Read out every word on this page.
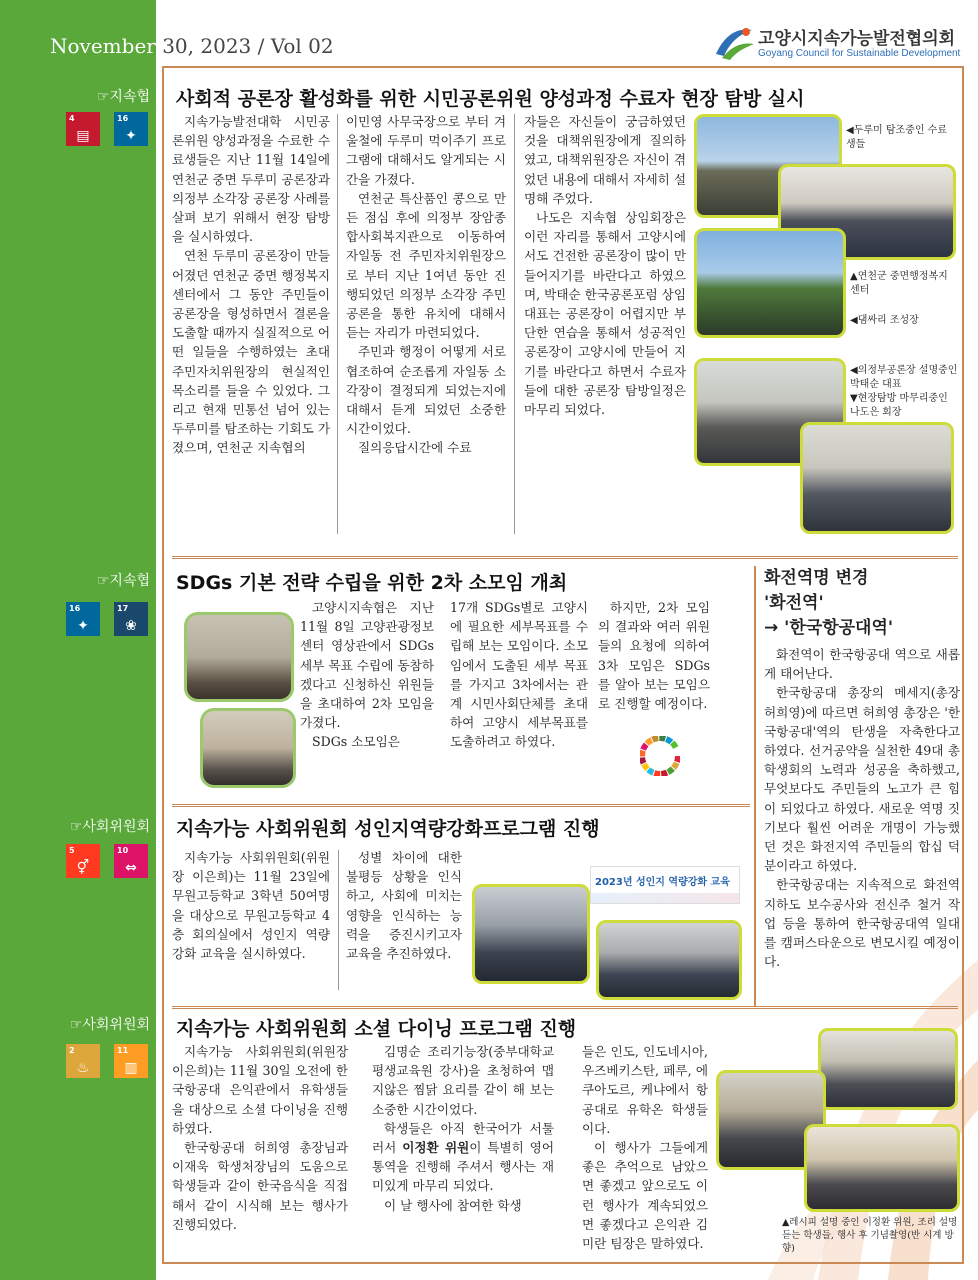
November 30, 2023 / Vol 02	고양시지속가능발전협의회
Goyang Council for Sustainable Development
☞지속협
☞지속협
☞사회위원회
☞사회위원회
4
▤
16
✦
16
✦
17
❀
5
⚥
10
⇔
2
♨
11
▥
사회적 공론장 활성화를 위한 시민공론위원 양성과정 수료자 현장 탐방 실시

지속가능발전대학 시민공론위원 양성과정을 수료한 수료생들은 지난 11월 14일에 연천군 중면 두루미 공론장과 의정부 소각장 공론장 사례를 살펴 보기 위해서 현장 탐방을 실시하였다.

연천 두루미 공론장이 만들어졌던 연천군 중면 행정복지센터에서 그 동안 주민들이 공론장을 형성하면서 결론을 도출할 때까지 실질적으로 어떤 일들을 수행하였는 초대 주민자치위원장의 현실적인 목소리를 들을 수 있었다. 그리고 현재 민통선 넘어 있는 두루미를 탐조하는 기회도 가졌으며, 연천군 지속협의

이민영 사무국장으로 부터 겨울철에 두루미 먹이주기 프로그램에 대해서도 알게되는 시간을 가졌다.

연천군 특산품인 콩으로 만든 점심 후에 의정부 장암종합사회복지관으로 이동하여 자일동 전 주민자치위원장으로 부터 지난 1여년 동안 진행되었던 의정부 소각장 주민공론을 통한 유치에 대해서 듣는 자리가 마련되었다.

주민과 행정이 어떻게 서로 협조하여 순조롭게 자일동 소각장이 결정되게 되었는지에 대해서 듣게 되었던 소중한 시간이었다.

질의응답시간에 수료

자들은 자신들이 궁금하였던 것을 대책위원장에게 질의하였고, 대책위원장은 자신이 겪었던 내용에 대해서 자세히 설명해 주었다.

나도은 지속협 상임회장은 이런 자리를 통해서 고양시에서도 건전한 공론장이 많이 만들어지기를 바란다고 하였으며, 박태순 한국공론포럼 상임대표는 공론장이 어렵지만 부단한 연습을 통해서 성공적인 공론장이 고양시에 만들어 지기를 바란다고 하면서 수료자들에 대한 공론장 탐방일정은 마무리 되었다.

◀두루미 탐조중인 수료생들
▲연천군 중면행정복지센터
◀댐싸리 조성장
◀의정부공론장 설명중인 박태순 대표
▼현장탐방 마무리중인 나도은 회장
SDGs 기본 전략 수립을 위한 2차 소모임 개최

고양시지속협은 지난 11월 8일 고양관광정보센터 영상관에서 SDGs 세부 목표 수립에 동참하겠다고 신청하신 위원들을 초대하여 2차 모임을 가졌다.

SDGs 소모임은

17개 SDGs별로 고양시에 필요한 세부목표를 수립해 보는 모임이다. 소모임에서 도출된 세부 목표를 가지고 3차에서는 관계 시민사회단체를 초대하여 고양시 세부목표를 도출하려고 하였다.

하지만, 2차 모임의 결과와 여러 위원들의 요청에 의하여 3차 모임은 SDGs를 알아 보는 모임으로 진행할 예정이다.

화전역명 변경
'화전역'
→ '한국항공대역'

화전역이 한국항공대 역으로 새롭게 태어난다.

한국항공대 총장의 메세지(총장 허희영)에 따르면 허희영 총장은 '한국항공대'역의 탄생을 자축한다고 하였다. 선거공약을 실천한 49대 총학생회의 노력과 성공을 축하했고, 무엇보다도 주민들의 노고가 큰 힘이 되었다고 하였다. 새로운 역명 짓기보다 훨씬 어려운 개명이 가능했던 것은 화전지역 주민들의 합십 덕분이라고 하였다.

한국항공대는 지속적으로 화전역 지하도 보수공사와 전신주 철거 작업 등을 통하여 한국항공대역 일대를 캠퍼스타운으로 변모시킬 예정이다.

지속가능 사회위원회 성인지역량강화프로그램 진행

지속가능 사회위원회(위원장 이은희)는 11월 23일에 무원고등학교 3학년 50여명을 대상으로 무원고등학교 4층 회의실에서 성인지 역량 강화 교육을 실시하였다.

성별 차이에 대한 불평등 상황을 인식하고, 사회에 미치는 영향을 인식하는 능력을 증진시키고자 교육을 추진하였다.

2023년 성인지 역량강화 교육
지속가능 사회위원회 소셜 다이닝 프로그램 진행

지속가능 사회위원회(위원장 이은희)는 11월 30일 오전에 한국항공대 은익관에서 유학생들을 대상으로 소셜 다이닝을 진행하였다.

한국항공대 허희영 총장님과 이재욱 학생처장님의 도움으로 학생들과 같이 한국음식을 직접 해서 같이 시식해 보는 행사가 진행되었다.

김명순 조리기능장(중부대학교 평생교육원 강사)을 초청하여 맵지않은 찜닭 요리를 같이 해 보는 소중한 시간이었다.

학생들은 아직 한국어가 서툴러서 이정환 위원이 특별히 영어 통역을 진행해 주셔서 행사는 재미있게 마무리 되었다.

이 날 행사에 참여한 학생

들은 인도, 인도네시아, 우즈베키스탄, 페루, 에쿠아도르, 케냐에서 항공대로 유학온 학생들이다.

이 행사가 그들에게 좋은 추억으로 남았으면 좋겠고 앞으로도 이런 행사가 계속되었으면 좋겠다고 은익관 김미란 팀장은 말하였다.

▲레시피 설명 중인 이정환 위원, 조리 설명 듣는 학생들, 행사 후 기념촬영(반 시계 방향)
